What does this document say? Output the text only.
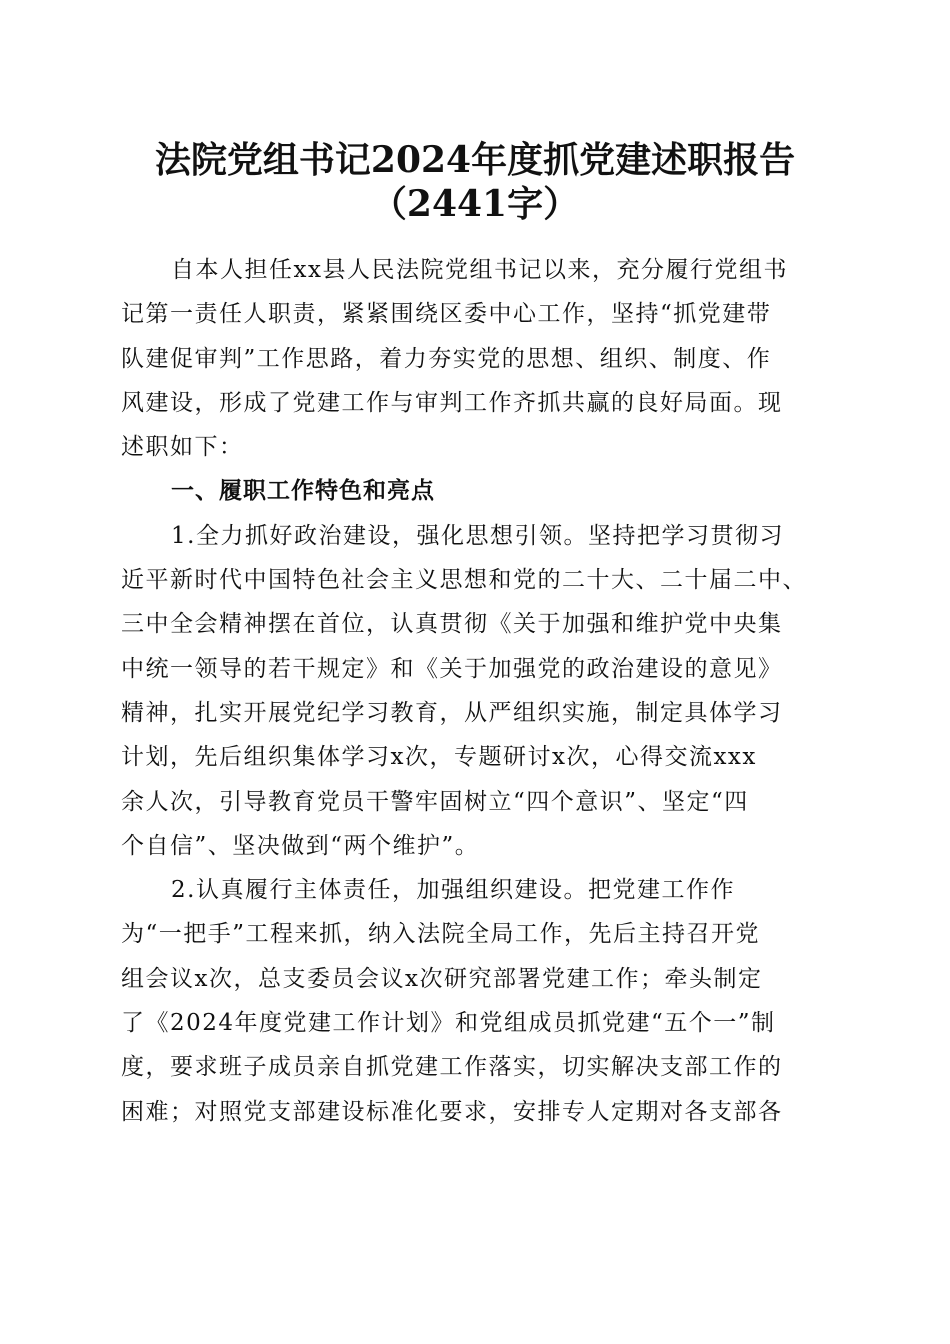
法院党组书记2024年度抓党建述职报告
（2441字）
自本人担任xx县人民法院党组书记以来，充分履行党组书
记第一责任人职责，紧紧围绕区委中心工作，坚持“抓党建带
队建促审判”工作思路，着力夯实党的思想、组织、制度、作
风建设，形成了党建工作与审判工作齐抓共赢的良好局面。现
述职如下：
一、履职工作特色和亮点
1.全力抓好政治建设，强化思想引领。坚持把学习贯彻习
近平新时代中国特色社会主义思想和党的二十大、二十届二中、
三中全会精神摆在首位，认真贯彻《关于加强和维护党中央集
中统一领导的若干规定》和《关于加强党的政治建设的意见》
精神，扎实开展党纪学习教育，从严组织实施，制定具体学习
计划，先后组织集体学习x次，专题研讨x次，心得交流xxx
余人次，引导教育党员干警牢固树立“四个意识”、坚定“四
个自信”、坚决做到“两个维护”。
2.认真履行主体责任，加强组织建设。把党建工作作
为“一把手”工程来抓，纳入法院全局工作，先后主持召开党
组会议x次，总支委员会议x次研究部署党建工作；牵头制定
了《2024年度党建工作计划》和党组成员抓党建“五个一”制
度，要求班子成员亲自抓党建工作落实，切实解决支部工作的
困难；对照党支部建设标准化要求，安排专人定期对各支部各
